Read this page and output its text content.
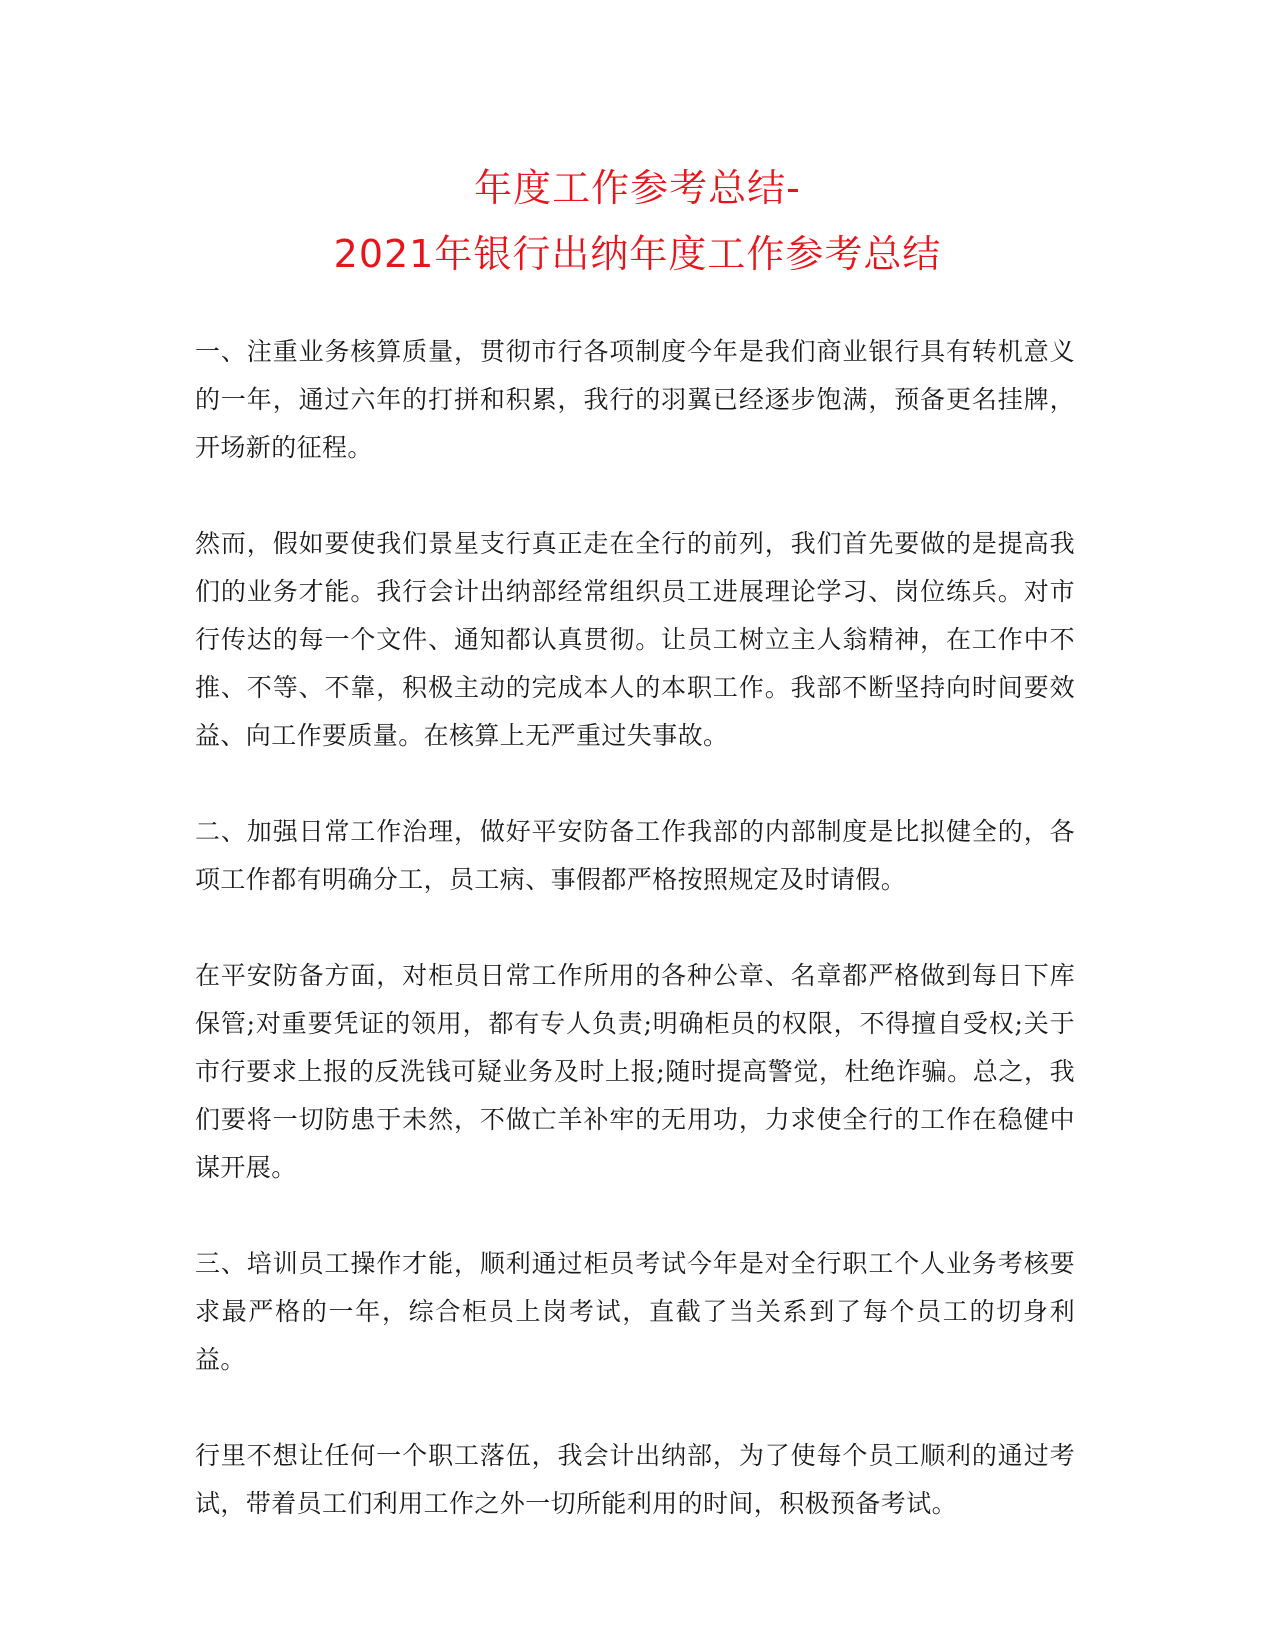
年度工作参考总结-
2021年银行出纳年度工作参考总结

一、注重业务核算质量，贯彻市行各项制度今年是我们商业银行具有转机意义的一年，通过六年的打拼和积累，我行的羽翼已经逐步饱满，预备更名挂牌，开场新的征程。

然而，假如要使我们景星支行真正走在全行的前列，我们首先要做的是提高我们的业务才能。我行会计出纳部经常组织员工进展理论学习、岗位练兵。对市行传达的每一个文件、通知都认真贯彻。让员工树立主人翁精神，在工作中不推、不等、不靠，积极主动的完成本人的本职工作。我部不断坚持向时间要效益、向工作要质量。在核算上无严重过失事故。

二、加强日常工作治理，做好平安防备工作我部的内部制度是比拟健全的，各项工作都有明确分工，员工病、事假都严格按照规定及时请假。

在平安防备方面，对柜员日常工作所用的各种公章、名章都严格做到每日下库保管;对重要凭证的领用，都有专人负责;明确柜员的权限，不得擅自受权;关于市行要求上报的反洗钱可疑业务及时上报;随时提高警觉，杜绝诈骗。总之，我们要将一切防患于未然，不做亡羊补牢的无用功，力求使全行的工作在稳健中谋开展。

三、培训员工操作才能，顺利通过柜员考试今年是对全行职工个人业务考核要求最严格的一年，综合柜员上岗考试，直截了当关系到了每个员工的切身利益。

行里不想让任何一个职工落伍，我会计出纳部，为了使每个员工顺利的通过考试，带着员工们利用工作之外一切所能利用的时间，积极预备考试。
